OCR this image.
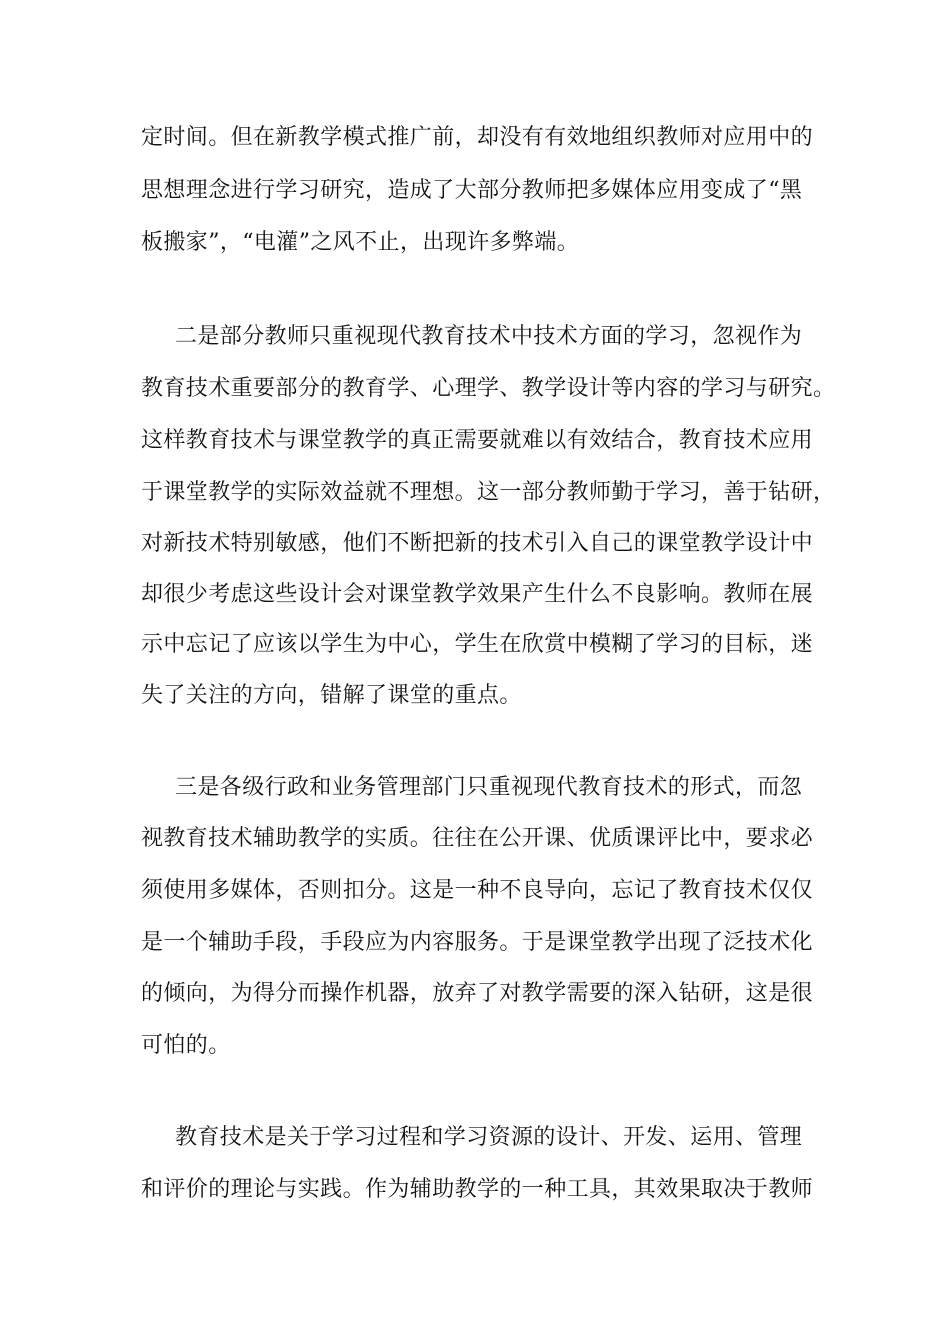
定时间。但在新教学模式推广前，却没有有效地组织教师对应用中的
思想理念进行学习研究，造成了大部分教师把多媒体应用变成了“黑
板搬家”，“电灌”之风不止，出现许多弊端。
二是部分教师只重视现代教育技术中技术方面的学习，忽视作为
教育技术重要部分的教育学、心理学、教学设计等内容的学习与研究。
这样教育技术与课堂教学的真正需要就难以有效结合，教育技术应用
于课堂教学的实际效益就不理想。这一部分教师勤于学习，善于钻研，
对新技术特别敏感，他们不断把新的技术引入自己的课堂教学设计中
却很少考虑这些设计会对课堂教学效果产生什么不良影响。教师在展
示中忘记了应该以学生为中心，学生在欣赏中模糊了学习的目标，迷
失了关注的方向，错解了课堂的重点。
三是各级行政和业务管理部门只重视现代教育技术的形式，而忽
视教育技术辅助教学的实质。往往在公开课、优质课评比中，要求必
须使用多媒体，否则扣分。这是一种不良导向，忘记了教育技术仅仅
是一个辅助手段，手段应为内容服务。于是课堂教学出现了泛技术化
的倾向，为得分而操作机器，放弃了对教学需要的深入钻研，这是很
可怕的。
教育技术是关于学习过程和学习资源的设计、开发、运用、管理
和评价的理论与实践。作为辅助教学的一种工具，其效果取决于教师
